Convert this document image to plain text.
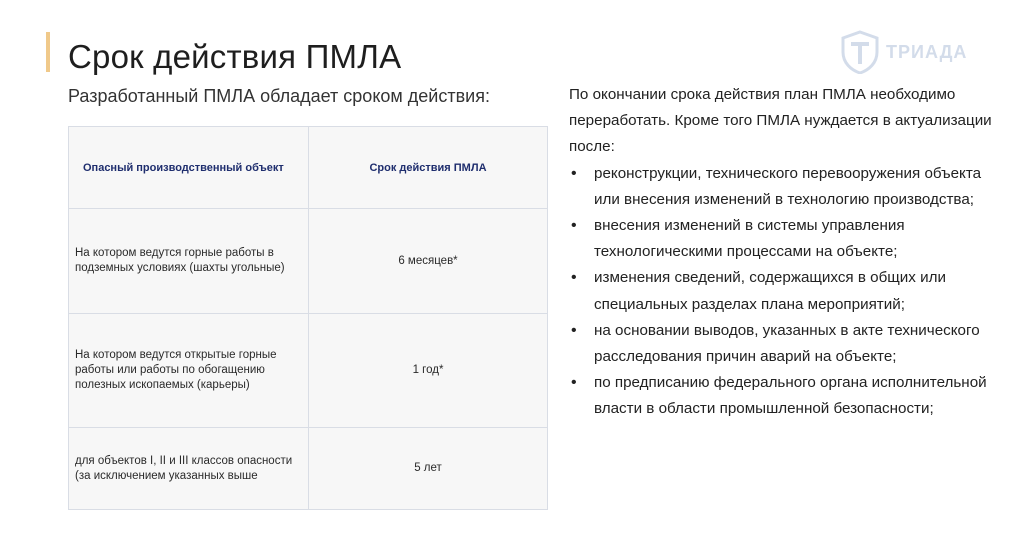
Срок действия ПМЛА	ТРИАДА
Разработанный ПМЛА обладает сроком действия:
Опасный производственный объект	Срок действия ПМЛА
На котором ведутся горные работы в подземных условиях (шахты угольные)	6 месяцев*
На котором ведутся открытые горные работы или работы по обогащению полезных ископаемых (карьеры)	1 год*
для объектов I, II и III классов опасности (за исключением указанных выше	5 лет

По окончании срока действия план ПМЛА необходимо переработать. Кроме того ПМЛА нуждается в актуализации после:

• реконструкции, технического перевооружения объекта или внесения изменений в технологию производства;
• внесения изменений в системы управления технологическими процессами на объекте;
• изменения сведений, содержащихся в общих или специальных разделах плана мероприятий;
• на основании выводов, указанных в акте технического расследования причин аварий на объекте;
• по предписанию федерального органа исполнительной власти в области промышленной безопасности;
